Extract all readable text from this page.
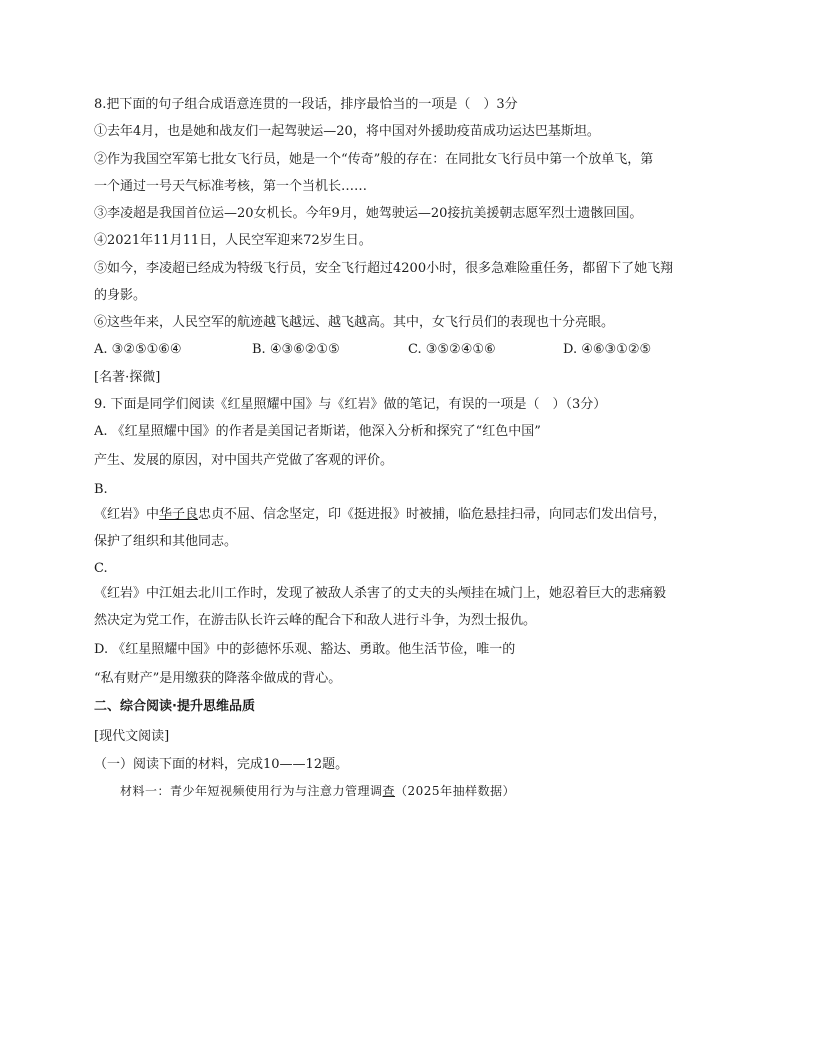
8.把下面的句子组合成语意连贯的一段话，排序最恰当的一项是（　）3分
①去年4月，也是她和战友们一起驾驶运—20，将中国对外援助疫苗成功运达巴基斯坦。
②作为我国空军第七批女飞行员，她是一个“传奇”般的存在：在同批女飞行员中第一个放单飞，第
一个通过一号天气标准考核，第一个当机长……
③李凌超是我国首位运—20女机长。今年9月，她驾驶运—20接抗美援朝志愿军烈士遗骸回国。
④2021年11月11日，人民空军迎来72岁生日。
⑤如今，李凌超已经成为特级飞行员，安全飞行超过4200小时，很多急难险重任务，都留下了她飞翔
的身影。
⑥这些年来，人民空军的航迹越飞越远、越飞越高。其中，女飞行员们的表现也十分亮眼。
A. ③②⑤①⑥④	B. ④③⑥②①⑤	C. ③⑤②④①⑥	D. ④⑥③①②⑤
[名著·探微]
9. 下面是同学们阅读《红星照耀中国》与《红岩》做的笔记，有误的一项是（　）（3分）
A. 《红星照耀中国》的作者是美国记者斯诺，他深入分析和探究了“红色中国”
产生、发展的原因，对中国共产党做了客观的评价。
B.
《红岩》中华子良忠贞不屈、信念坚定，印《挺进报》时被捕，临危悬挂扫帚，向同志们发出信号，
保护了组织和其他同志。
C.
《红岩》中江姐去北川工作时，发现了被敌人杀害了的丈夫的头颅挂在城门上，她忍着巨大的悲痛毅
然决定为党工作，在游击队长许云峰的配合下和敌人进行斗争，为烈士报仇。
D. 《红星照耀中国》中的彭德怀乐观、豁达、勇敢。他生活节俭，唯一的
“私有财产”是用缴获的降落伞做成的背心。
二、综合阅读·提升思维品质
[现代文阅读]
（一）阅读下面的材料，完成10——12题。
材料一：青少年短视频使用行为与注意力管理调查（2025年抽样数据）
